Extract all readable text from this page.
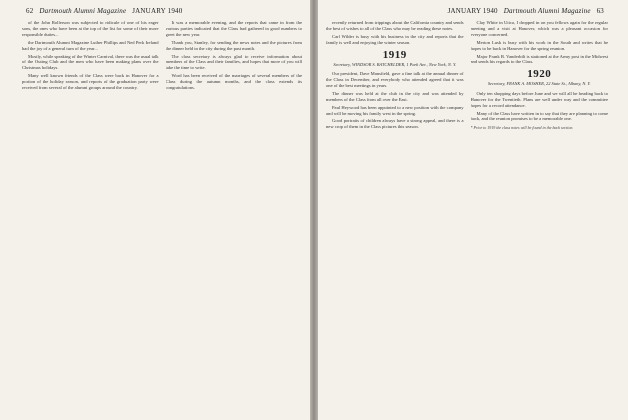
62 Dartmouth Alumni Magazine JANUARY 1940

of the John Rollerson was subjected to ridicule of one of his eager sons, the ones who have been at the top of the list for some of their more responsible duties...

the Dartmouth Alumni Magazine Luther Phillips and Ned Perk Ireland had the joy of a general turn of the year...

Mostly, while speaking of the Winter Carnival, there was the usual talk of the Outing Club and the men who have been making plans over the Christmas holidays.

Many well known friends of the Class were back in Hanover for a portion of the holiday season, and reports of the graduation party were received from several of the alumni groups around the country.

It was a memorable evening, and the reports that came in from the various parties indicated that the Class had gathered in good numbers to greet the new year.

Thank you, Stanley, for sending the news notes and the pictures from the dinner held in the city during the past month.

The class secretary is always glad to receive information about members of the Class and their families, and hopes that more of you will take the time to write.

Word has been received of the marriages of several members of the Class during the autumn months, and the class extends its congratulations.

JANUARY 1940 Dartmouth Alumni Magazine 63

recently returned from trippings about the California country and sends the best of wishes to all of the Class who may be reading these notes.

Carl Wilder is busy with his business in the city and reports that the family is well and enjoying the winter season.

1919
Secretary, WINDSOR S. BATCHELDER, 1 Park Ave., New York, N. Y.

Our president, Dave Mansfield, gave a fine talk at the annual dinner of the Class in December, and everybody who attended agreed that it was one of the best meetings in years.

The dinner was held at the club in the city and was attended by members of the Class from all over the East.

Paul Heywood has been appointed to a new position with the company and will be moving his family west in the spring.

Good portraits of children always have a strong appeal, and there is a new crop of them in the Class pictures this season.

Clay White in Utica, I dropped in on you fellows again for the regular meeting and a visit at Hanover, which was a pleasant occasion for everyone concerned.

Merton Lusk is busy with his work in the South and writes that he hopes to be back in Hanover for the spring reunion.

Major Frank B. Vanderbilt is stationed at the Army post in the Midwest and sends his regards to the Class.

1920
Secretary, FRANK A. MOSHER, 22 State St., Albany, N. Y.

Only ten shopping days before June and we will all be heading back to Hanover for the Twentieth. Plans are well under way and the committee hopes for a record attendance.

Many of the Class have written in to say that they are planning to come back, and the reunion promises to be a memorable one.

* Prior to 1919 the class notes will be found in the back section.
